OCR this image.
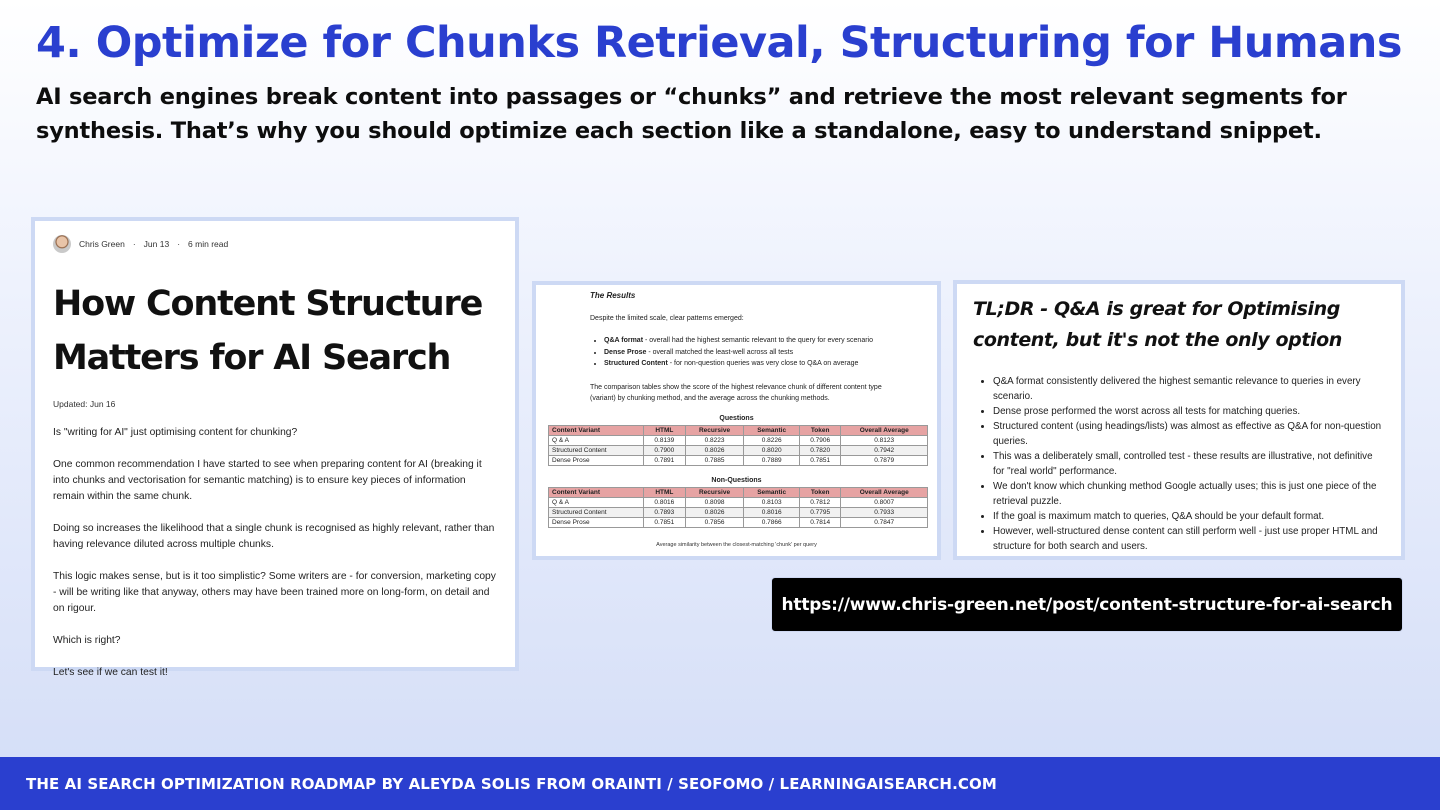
4. Optimize for Chunks Retrieval, Structuring for Humans

AI search engines break content into passages or “chunks” and retrieve the most relevant segments for synthesis. That’s why you should optimize each section like a standalone, easy to understand snippet.

Chris Green · Jun 13 · 6 min read
How Content Structure Matters for AI Search
Updated: Jun 16

Is "writing for AI" just optimising content for chunking?

One common recommendation I have started to see when preparing content for AI (breaking it into chunks and vectorisation for semantic matching) is to ensure key pieces of information remain within the same chunk.

Doing so increases the likelihood that a single chunk is recognised as highly relevant, rather than having relevance diluted across multiple chunks.

This logic makes sense, but is it too simplistic? Some writers are - for conversion, marketing copy - will be writing like that anyway, others may have been trained more on long-form, on detail and on rigour.

Which is right?

Let's see if we can test it!

The Results
Despite the limited scale, clear patterns emerged:
• Q&A format - overall had the highest semantic relevant to the query for every scenario
• Dense Prose - overall matched the least-well across all tests
• Structured Content - for non-question queries was very close to Q&A on average
The comparison tables show the score of the highest relevance chunk of different content type (variant) by chunking method, and the average across the chunking methods.
Questions
Content Variant	HTML	Recursive	Semantic	Token	Overall Average
Q & A	0.8139	0.8223	0.8226	0.7906	0.8123
Structured Content	0.7900	0.8026	0.8020	0.7820	0.7942
Dense Prose	0.7891	0.7885	0.7889	0.7851	0.7879
Non-Questions
Content Variant	HTML	Recursive	Semantic	Token	Overall Average
Q & A	0.8016	0.8098	0.8103	0.7812	0.8007
Structured Content	0.7893	0.8026	0.8016	0.7795	0.7933
Dense Prose	0.7851	0.7856	0.7866	0.7814	0.7847
Average similarity between the closest-matching 'chunk' per query
TL;DR - Q&A is great for Optimising content, but it's not the only option
• Q&A format consistently delivered the highest semantic relevance to queries in every scenario.
• Dense prose performed the worst across all tests for matching queries.
• Structured content (using headings/lists) was almost as effective as Q&A for non-question queries.
• This was a deliberately small, controlled test - these results are illustrative, not definitive for "real world" performance.
• We don't know which chunking method Google actually uses; this is just one piece of the retrieval puzzle.
• If the goal is maximum match to queries, Q&A should be your default format.
• However, well-structured dense content can still perform well - just use proper HTML and structure for both search and users.
https://www.chris-green.net/post/content-structure-for-ai-search
THE AI SEARCH OPTIMIZATION ROADMAP BY ALEYDA SOLIS FROM ORAINTI / SEOFOMO / LEARNINGAISEARCH.COM
